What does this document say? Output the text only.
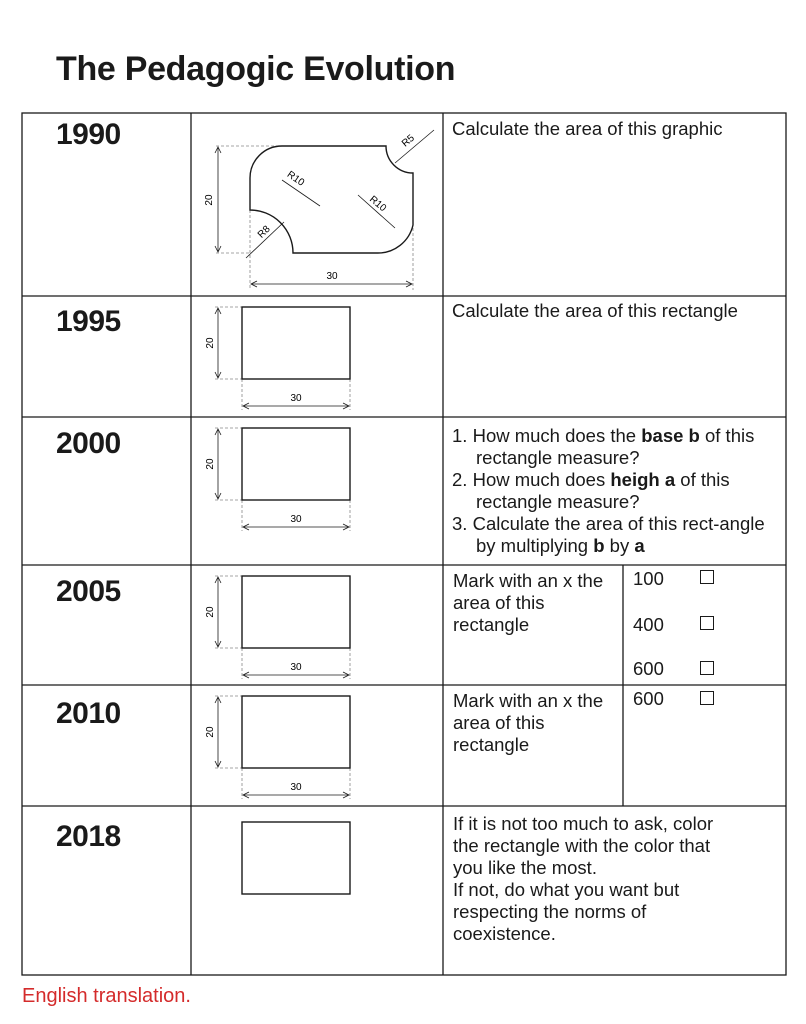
The Pedagogic Evolution
20
30
R5
R10
R10
R8
20
30
20
30
20
30
20
30
1990
1995
2000
2005
2010
2018
Calculate the area of this graphic
Calculate the area of this rectangle
1. How much does the base b of this rectangle measure?
2. How much does heigh a of this rectangle measure?
3. Calculate the area of this rect-angle by multiplying b by a
Mark with an x the area of this rectangle
100
400
600
Mark with an x the area of this rectangle
600
If it is not too much to ask, color
the rectangle with the color that
you like the most.
If not, do what you want but
respecting the norms of
coexistence.
English translation.
